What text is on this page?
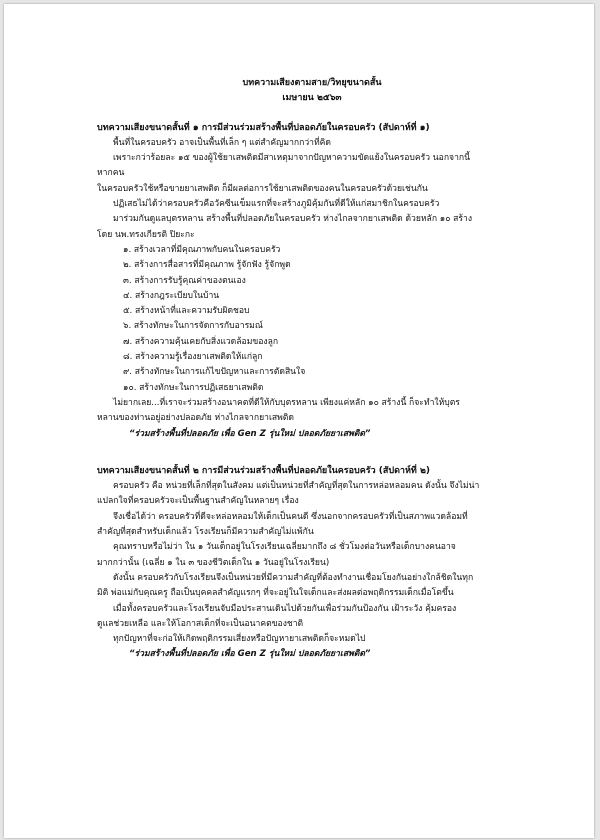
บทความเสียงตามสาย/วิทยุขนาดสั้น
เมษายน ๒๕๖๓
บทความเสียงขนาดสั้นที่ ๑ การมีส่วนร่วมสร้างพื้นที่ปลอดภัยในครอบครัว (สัปดาห์ที่ ๑)
พื้นที่ในครอบครัว อาจเป็นพื้นที่เล็ก ๆ แต่สำคัญมากกว่าที่คิด
เพราะกว่าร้อยละ ๑๕ ของผู้ใช้ยาเสพติดมีสาเหตุมาจากปัญหาความขัดแย้งในครอบครัว นอกจากนี้
หากคน
ในครอบครัวใช้หรือขายยาเสพติด ก็มีผลต่อการใช้ยาเสพติดของคนในครอบครัวด้วยเช่นกัน
ปฏิเสธไม่ได้ว่าครอบครัวคือวัคซีนเข็มแรกที่จะสร้างภูมิคุ้มกันที่ดีให้แก่สมาชิกในครอบครัว
มาร่วมกันดูแลบุตรหลาน สร้างพื้นที่ปลอดภัยในครอบครัว ห่างไกลจากยาเสพติด ด้วยหลัก ๑๐ สร้าง
โดย นพ.ทรงเกียรติ ปิยะกะ
๑. สร้างเวลาที่มีคุณภาพกับคนในครอบครัว
๒. สร้างการสื่อสารที่มีคุณภาพ รู้จักฟัง รู้จักพูด
๓. สร้างการรับรู้คุณค่าของตนเอง
๔. สร้างกฎระเบียบในบ้าน
๕. สร้างหน้าที่และความรับผิดชอบ
๖. สร้างทักษะในการจัดการกับอารมณ์
๗. สร้างความคุ้นเคยกับสิ่งแวดล้อมของลูก
๘. สร้างความรู้เรื่องยาเสพติดให้แก่ลูก
๙. สร้างทักษะในการแก้ไขปัญหาและการตัดสินใจ
๑๐. สร้างทักษะในการปฏิเสธยาเสพติด
ไม่ยากเลย...ที่เราจะร่วมสร้างอนาคตที่ดีให้กับบุตรหลาน เพียงแค่หลัก ๑๐ สร้างนี้ ก็จะทำให้บุตร
หลานของท่านอยู่อย่างปลอดภัย ห่างไกลจากยาเสพติด
“ร่วมสร้างพื้นที่ปลอดภัย เพื่อ Gen Z รุ่นใหม่ ปลอดภัยยาเสพติด”
บทความเสียงขนาดสั้นที่ ๒ การมีส่วนร่วมสร้างพื้นที่ปลอดภัยในครอบครัว (สัปดาห์ที่ ๒)
ครอบครัว คือ หน่วยที่เล็กที่สุดในสังคม แต่เป็นหน่วยที่สำคัญที่สุดในการหล่อหลอมคน ดังนั้น จึงไม่น่า
แปลกใจที่ครอบครัวจะเป็นพื้นฐานสำคัญในหลายๆ เรื่อง
จึงเชื่อได้ว่า ครอบครัวที่ดีจะหล่อหลอมให้เด็กเป็นคนดี ซึ่งนอกจากครอบครัวที่เป็นสภาพแวดล้อมที่
สำคัญที่สุดสำหรับเด็กแล้ว โรงเรียนก็มีความสำคัญไม่แพ้กัน
คุณทราบหรือไม่ว่า ใน ๑ วันเด็กอยู่ในโรงเรียนเฉลี่ยมากถึง ๘ ชั่วโมงต่อวันหรือเด็กบางคนอาจ
มากกว่านั้น (เฉลี่ย ๑ ใน ๓ ของชีวิตเด็กใน ๑ วันอยู่ในโรงเรียน)
ดังนั้น ครอบครัวกับโรงเรียนจึงเป็นหน่วยที่มีความสำคัญที่ต้องทำงานเชื่อมโยงกันอย่างใกล้ชิดในทุก
มิติ พ่อแม่กับคุณครู ถือเป็นบุคคลสำคัญแรกๆ ที่จะอยู่ในใจเด็กและส่งผลต่อพฤติกรรมเด็กเมื่อโตขึ้น
เมื่อทั้งครอบครัวและโรงเรียนจับมือประสานเดินไปด้วยกันเพื่อร่วมกันป้องกัน เฝ้าระวัง คุ้มครอง
ดูแลช่วยเหลือ และให้โอกาสเด็กที่จะเป็นอนาคตของชาติ
ทุกปัญหาที่จะก่อให้เกิดพฤติกรรมเสี่ยงหรือปัญหายาเสพติดก็จะหมดไป
“ร่วมสร้างพื้นที่ปลอดภัย เพื่อ Gen Z รุ่นใหม่ ปลอดภัยยาเสพติด”
